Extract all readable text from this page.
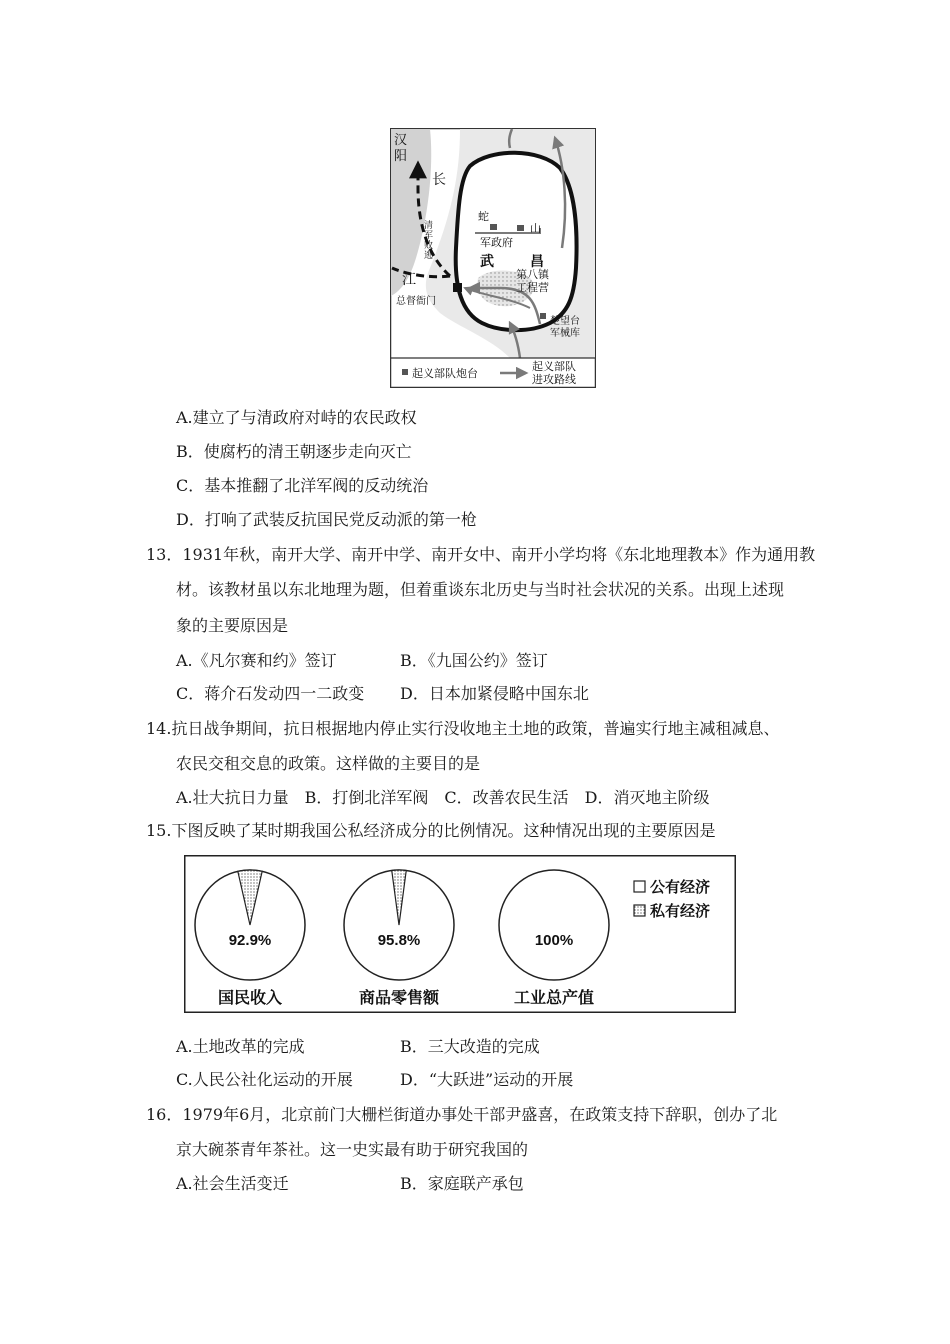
汉
阳
长
江
蛇
山
军政府
武	昌
第八镇
工程营
总督衙门
楚望台
军械库
清
军
败
逃
起义部队炮台
起义部队
进攻路线
A.建立了与清政府对峙的农民政权
B．使腐朽的清王朝逐步走向灭亡
C．基本推翻了北洋军阀的反动统治
D．打响了武装反抗国民党反动派的第一枪
13．1931年秋，南开大学、南开中学、南开女中、南开小学均将《东北地理教本》作为通用教
材。该教材虽以东北地理为题，但着重谈东北历史与当时社会状况的关系。出现上述现
象的主要原因是
A.《凡尔赛和约》签订	B．《九国公约》签订
C．蒋介石发动四一二政变 D．日本加紧侵略中国东北
14.抗日战争期间，抗日根据地内停止实行没收地主土地的政策，普遍实行地主减租减息、
农民交租交息的政策。这样做的主要目的是
A.壮大抗日力量　B．打倒北洋军阀　C．改善农民生活　D．消灭地主阶级
15.下图反映了某时期我国公私经济成分的比例情况。这种情况出现的主要原因是
公有经济
私有经济
92.9%
国民收入
95.8%
商品零售额
100%
工业总产值
A.土地改革的完成	B．三大改造的完成
C.人民公社化运动的开展	D．“大跃进”运动的开展
16．1979年6月，北京前门大栅栏街道办事处干部尹盛喜，在政策支持下辞职，创办了北
京大碗茶青年茶社。这一史实最有助于研究我国的
A.社会生活变迁	B．家庭联产承包
